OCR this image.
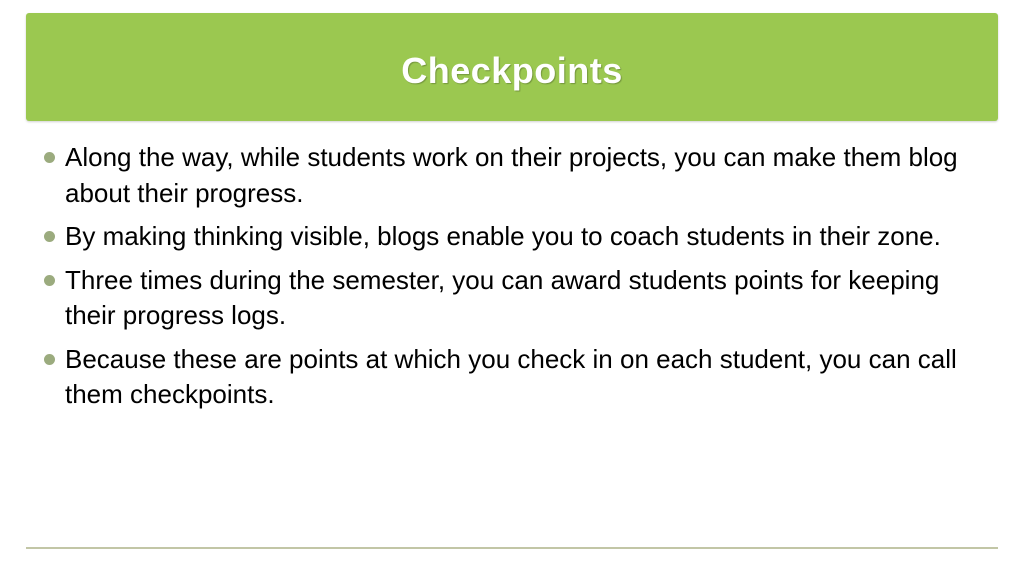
Checkpoints
Along the way, while students work on their projects, you can make them blog about their progress.
By making thinking visible, blogs enable you to coach students in their zone.
Three times during the semester, you can award students points for keeping their progress logs.
Because these are points at which you check in on each student, you can call them checkpoints.
